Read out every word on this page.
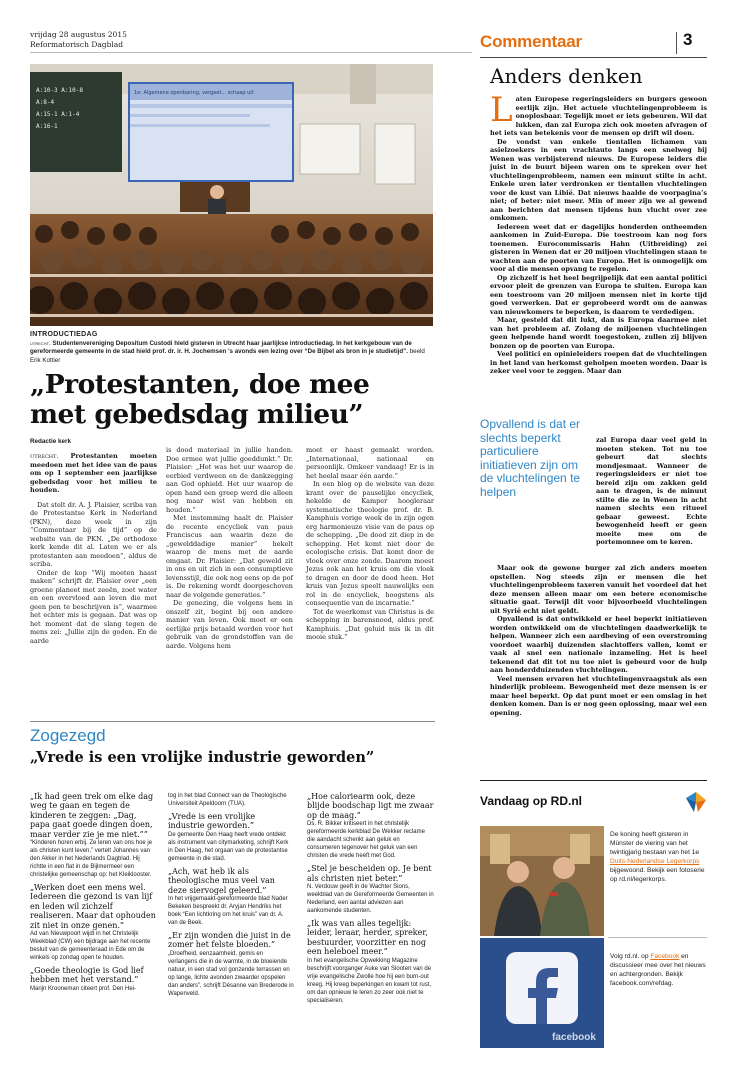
vrijdag 28 augustus 2015
Reformatorisch Dagblad
A:10-3 A:10-8
A:8-4
A:15-1 A:1-4
A:16-1
1e: Algemene openbaring, vergeet... schaap uit
INTRODUCTIEDAG
utrecht. Studentenvereniging Depositum Custodi hield gisteren in Utrecht haar jaarlijkse introductiedag. In het kerkgebouw van de gereformeerde gemeente in de stad hield prof. dr. ir. H. Jochemsen ’s avonds een lezing over “De Bijbel als bron in je studietijd”. beeld Erik Kottier
„Protestanten, doe mee
met gebedsdag milieu”
Redactie kerk
utrecht. Protestanten moeten meedoen met het idee van de paus om op 1 september een jaarlijkse gebedsdag voor het milieu te houden.

Dat stelt dr. A. J. Plaisier, scriba van de Protestantse Kerk in Nederland (PKN), deze week in zijn “Commentaar bij de tijd” op de website van de PKN. „De orthodoxe kerk kende dit al. Laten we er als protestanten aan meedoen”, aldus de scriba.

Onder de kop “Wij moeten haast maken” schrijft dr. Plaisier over „een groene planeet met zeeën, zoet water en een overvloed aan leven die met geen pen te beschrijven is”, waarmee het echter mis is gegaan. Dat was op het moment dat de slang tegen de mens zei: „Jullie zijn de goden. En de aarde

is dood materiaal in jullie handen. Doe ermee wat jullie goeddunkt.” Dr. Plaisier: „Het was het uur waarop de eerbied verdween en de dankzegging aan God ophield. Het uur waarop de open hand een greep werd die alleen nog maar wist van hebben en houden.”

Met instemming haalt dr. Plaisier de recente encycliek van paus Franciscus aan waarin deze de „gewelddadige manier” hekelt waarop de mens met de aarde omgaat. Dr. Plaisier: „Dat geweld zit in ons en uit zich in een consumptieve levensstijl, die ook nog eens op de pof is. De rekening wordt doorgeschoven naar de volgende generaties.”

De genezing, die volgens hem in onszelf zit, begint bij een andere manier van leven. Ook moet er een eerlijke prijs betaald worden voor het gebruik van de grondstoffen van de aarde. Volgens hem

moet er haast gemaakt worden. „Internationaal, nationaal en persoonlijk. Omkeer vandaag! Er is in het heelal maar één aarde.”

In een blog op de website van deze krant over de pauselijke encycliek, hekelde de Kamper hoogleraar systematische theologie prof. dr. B. Kamphuis vorige week de in zijn ogen erg harmonieuze visie van de paus op de schepping. „De dood zit diep in de schepping. Het komt niet door de ecologische crisis. Dat komt door de vloek over onze zonde. Daarom moest Jezus ook aan het kruis om die vloek te dragen en door de dood heen. Het kruis van Jezus speelt nauwelijks een rol in de encycliek, hoogstens als consequentie van de incarnatie.”

Tot de weerkomst van Christus is de schepping in barensnood, aldus prof. Kamphuis. „Dat geluid mis ik in dit mooie stuk.”

Zogezegd
„Vrede is een vrolijke industrie geworden”
„Ik had geen trek om elke dag weg te gaan en tegen de kinderen te zeggen: „Dag, papa gaat goede dingen doen, maar verder zie je me niet.””
“Kinderen horen erbij. Ze leren van ons hoe je als christen kunt leven,” vertelt Johannes van den Akker in het Nederlands Dagblad. Hij richtte in een flat in de Bijlmermeer een christelijke gemeenschap op: het Kleiklooster.
„Werken doet een mens wel. Iedereen die gezond is van lijf en leden wil zichzelf realiseren. Maar dat ophouden zit niet in onze genen.”
Ad van Nieuwpoort wijdt in het Christelijk Weekblad (CW) een bijdrage aan het recente besluit van de gemeenteraad in Ede om de winkels op zondag open te houden.
„Goede theologie is God lief hebben met het verstand.”
Marijn Krooneman citeert prof. Den Hei-
tog in het blad Connect van de Theologische Universiteit Apeldoorn (TUA).
„Vrede is een vrolijke industrie geworden.”
De gemeente Den Haag heeft vrede ontdekt als instrument van citymarketing, schrijft Kerk in Den Haag, het orgaan van de protestantse gemeente in die stad.
„Ach, wat heb ik als theologische mus veel van deze siervogel geleerd.”
In het vrijgemaakt-gereformeerde blad Nader Bekeken bespreekt dr. Aryjan Hendriks het boek “Een lichtkring om het kruis” van dr. A. van de Beek.
„Er zijn wonden die juist in de zomer het felste bloeden.”
„Droefheid, eenzaamheid, gemis en verlangens die in de warmte, in de bloeiende natuur, in een stad vol gonzende terrassen en op lange, lichte avonden zwaarder opspelen dan anders”, schrijft Désanne van Brederode in Wapenveld.
„Hoe caloriearm ook, deze blijde boodschap ligt me zwaar op de maag.”
Ds. R. Bikker kritiseert in het christelijk gereformeerde kerkblad De Wekker reclame die aandacht schenkt aan geluk en consumeren tegenover het geluk van een christen die vrede heeft met God.
„Stel je bescheiden op. Je bent als christen niet beter.”
N. Verdouw geeft in de Wachter Sions, weekblad van de Gereformeerde Gemeenten in Nederland, een aantal adviezen aan aankomende studenten.
„Ik was van alles tegelijk: leider, leraar, herder, spreker, bestuurder, voorzitter en nog een heleboel meer.”
In het evangelische Opwekking Magazine beschrijft voorganger Auke van Slooten van de vrije evangelische Zwolle hoe hij een burn-out kreeg. Hij kreeg beperkingen en kwam tot rust, om dan opnieuw te leren zo zeer ook niet te specialiseren.
Commentaar	3
Anders denken
L aten Europese regeringsleiders en burgers gewoon eerlijk zijn. Het actuele vluchtelingenprobleem is onoplosbaar. Tegelijk moet er iets gebeuren. Wil dat lukken, dan zal Europa zich ook moeten afvragen of het iets van betekenis voor de mensen op drift wil doen.

De vondst van enkele tientallen lichamen van asielzoekers in een vrachtauto langs een snelweg bij Wenen was verbijsterend nieuws. De Europese leiders die juist in de buurt bijeen waren om te spreken over het vluchtelingenprobleem, namen een minuut stilte in acht. Enkele uren later verdronken er tientallen vluchtelingen voor de kust van Libië. Dat nieuws haalde de voorpagina’s niet; of beter: niet meer. Min of meer zijn we al gewend aan berichten dat mensen tijdens hun vlucht over zee omkomen.

Iedereen weet dat er dagelijks honderden ontheemden aankomen in Zuid-Europa. Die toestroom kan nog fors toenemen. Eurocommissaris Hahn (Uitbreiding) zei gisteren in Wenen dat er 20 miljoen vluchtelingen staan te wachten aan de poorten van Europa. Het is onmogelijk om voor al die mensen opvang te regelen.

Op zichzelf is het heel begrijpelijk dat een aantal politici ervoor pleit de grenzen van Europa te sluiten. Europa kan een toestroom van 20 miljoen mensen niet in korte tijd goed verwerken. Dat er geprobeerd wordt om de aanwas van nieuwkomers te beperken, is daarom te verdedigen.

Maar, gesteld dat dit lukt, dan is Europa daarmee niet van het probleem af. Zolang de miljoenen vluchtelingen geen helpende hand wordt toegestoken, zullen zij blijven bonzen op de poorten van Europa.

Veel politici en opinieleiders roepen dat de vluchtelingen in het land van herkomst geholpen moeten worden. Daar is zeker veel voor te zeggen. Maar dan

Opvallend is dat er slechts beperkt particuliere initiatieven zijn om de vluchtelingen te helpen
zal Europa daar veel geld in moeten steken. Tot nu toe gebeurt dat slechts mondjesmaat. Wanneer de regeringsleiders er niet toe bereid zijn om zakken geld aan te dragen, is de minuut stilte die ze in Wenen in acht namen slechts een ritueel gebaar geweest. Echte bewogenheid heeft er geen moeite mee om de portemonnee om te keren.

Maar ook de gewone burger zal zich anders moeten opstellen. Nog steeds zijn er mensen die het vluchtelingenprobleem taxeren vanuit het voordeel dat het deze mensen alleen maar om een betere economische situatie gaat. Terwijl dit voor bijvoorbeeld vluchtelingen uit Syrië echt niet geldt.

Opvallend is dat ontwikkeld er heel beperkt initiatieven worden ontwikkeld om de vluchtelingen daadwerkelijk te helpen. Wanneer zich een aardbeving of een overstroming voordoet waarbij duizenden slachtoffers vallen, komt er vaak al snel een nationale inzameling. Het is heel tekenend dat dit tot nu toe niet is gebeurd voor de hulp aan honderdduizenden vluchtelingen.

Veel mensen ervaren het vluchtelingenvraagstuk als een hinderlijk probleem. Bewogenheid met deze mensen is er maar heel beperkt. Op dat punt moet er een omslag in het denken komen. Dan is er nog geen oplossing, maar wel een opening.

Vandaag op RD.nl
De koning heeft gisteren in Münster de viering van het twintigjarig bestaan van het 1e Duits-Nederlandse Legerkorps bijgewoond. Bekijk een fotoserie op rd.nl/legerkorps.
facebook
Volg rd.nl. op Facebook en discussieer mee over het nieuws en achtergronden. Bekijk facebook.com/refdag.
